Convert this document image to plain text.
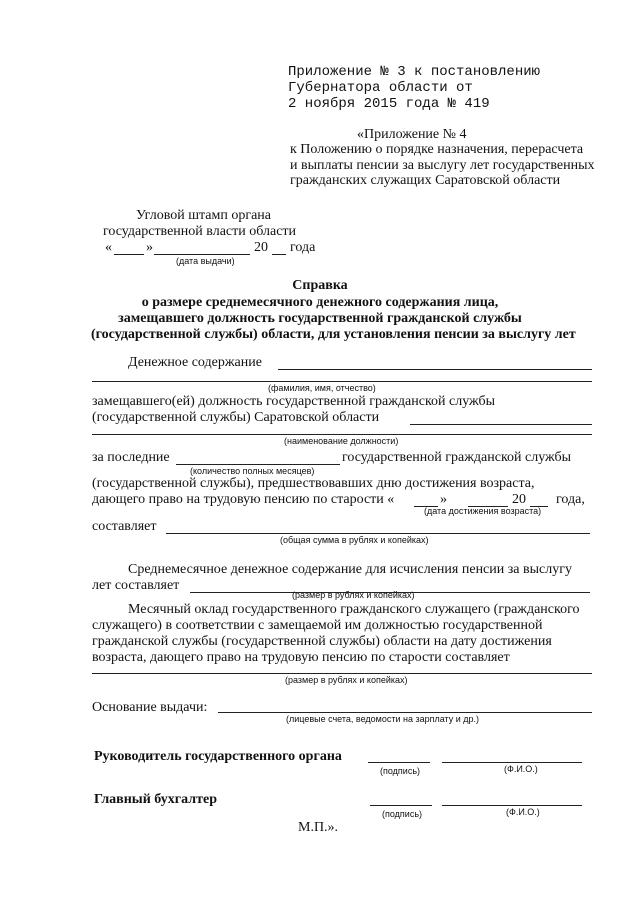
Приложение № 3 к постановлению
Губернатора области от
2 ноября 2015 года № 419
«Приложение № 4
к Положению о порядке назначения, перерасчета
и выплаты пенсии за выслугу лет государственных
гражданских служащих Саратовской области
Угловой штамп органа
государственной власти области
« »	20 года
(дата выдачи)
Справка
о размере среднемесячного денежного содержания лица,
замещавшего должность государственной гражданской службы
(государственной службы) области, для установления пенсии за выслугу лет
Денежное содержание
(фамилия, имя, отчество)
замещавшего(ей) должность государственной гражданской службы
(государственной службы) Саратовской области
(наименование должности)
за последние	государственной гражданской службы
(количество полных месяцев)
(государственной службы), предшествовавших дню достижения возраста,
дающего право на трудовую пенсию по старости «	»	20 года,
(дата достижения возраста)
составляет
(общая сумма в рублях и копейках)
Среднемесячное денежное содержание для исчисления пенсии за выслугу
лет составляет
(размер в рублях и копейках)
Месячный оклад государственного гражданского служащего (гражданского
служащего) в соответствии с замещаемой им должностью государственной
гражданской службы (государственной службы) области на дату достижения
возраста, дающего право на трудовую пенсию по старости составляет
(размер в рублях и копейках)
Основание выдачи:
(лицевые счета, ведомости на зарплату и др.)
Руководитель государственного органа
(подпись)	(Ф.И.О.)
Главный бухгалтер
(подпись)	(Ф.И.О.)
М.П.».
